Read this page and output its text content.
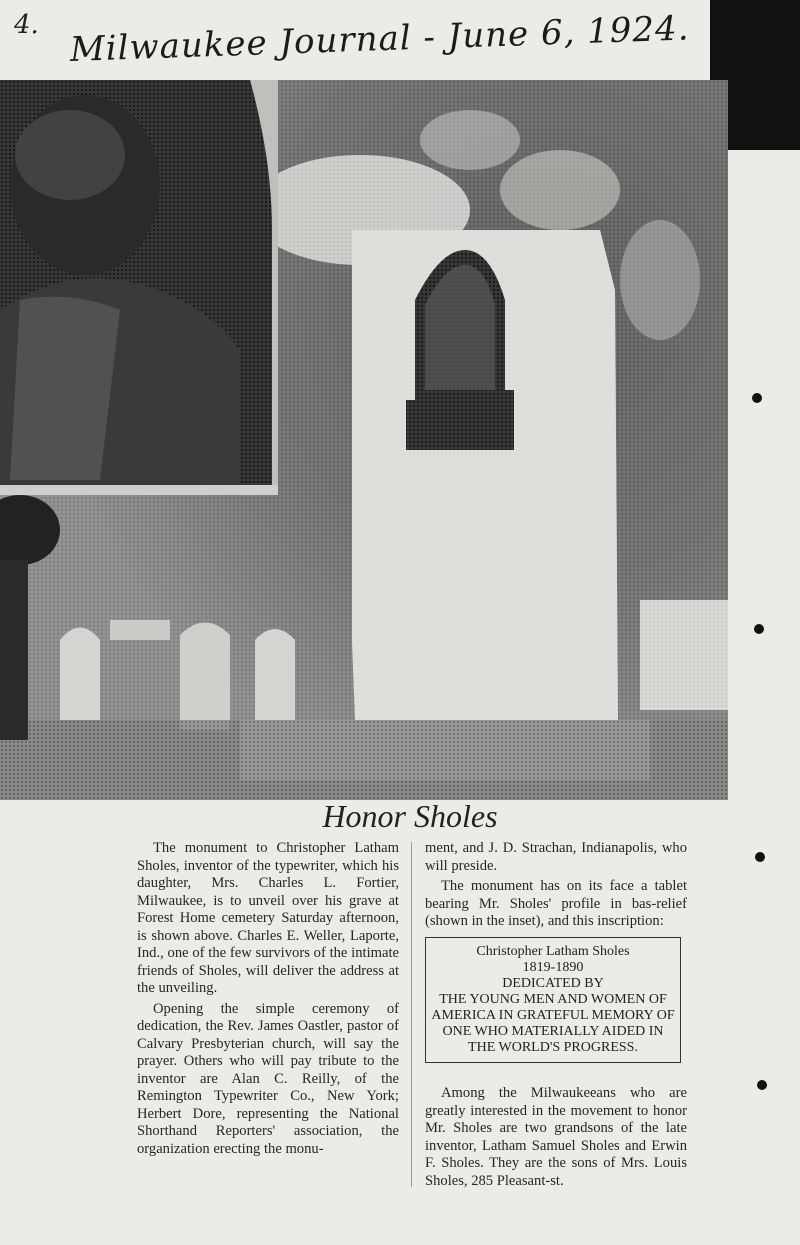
4. Milwaukee Journal - June 6, 1924.
Honor Sholes

The monument to Christopher Latham Sholes, inventor of the typewriter, which his daughter, Mrs. Charles L. Fortier, Milwaukee, is to unveil over his grave at Forest Home cemetery Saturday afternoon, is shown above. Charles E. Weller, Laporte, Ind., one of the few survivors of the intimate friends of Sholes, will deliver the address at the unveiling.

Opening the simple ceremony of dedication, the Rev. James Oastler, pastor of Calvary Presbyterian church, will say the prayer. Others who will pay tribute to the inventor are Alan C. Reilly, of the Remington Typewriter Co., New York; Herbert Dore, representing the National Shorthand Reporters' association, the organization erecting the monu-

ment, and J. D. Strachan, Indianapolis, who will preside.

The monument has on its face a tablet bearing Mr. Sholes' profile in bas-relief (shown in the inset), and this inscription:

Christopher Latham Sholes
1819-1890
DEDICATED BY
THE YOUNG MEN AND WOMEN OF AMERICA IN GRATEFUL MEMORY OF ONE WHO MATERIALLY AIDED IN THE WORLD'S PROGRESS.

Among the Milwaukeeans who are greatly interested in the movement to honor Mr. Sholes are two grandsons of the late inventor, Latham Samuel Sholes and Erwin F. Sholes. They are the sons of Mrs. Louis Sholes, 285 Pleasant-st.
